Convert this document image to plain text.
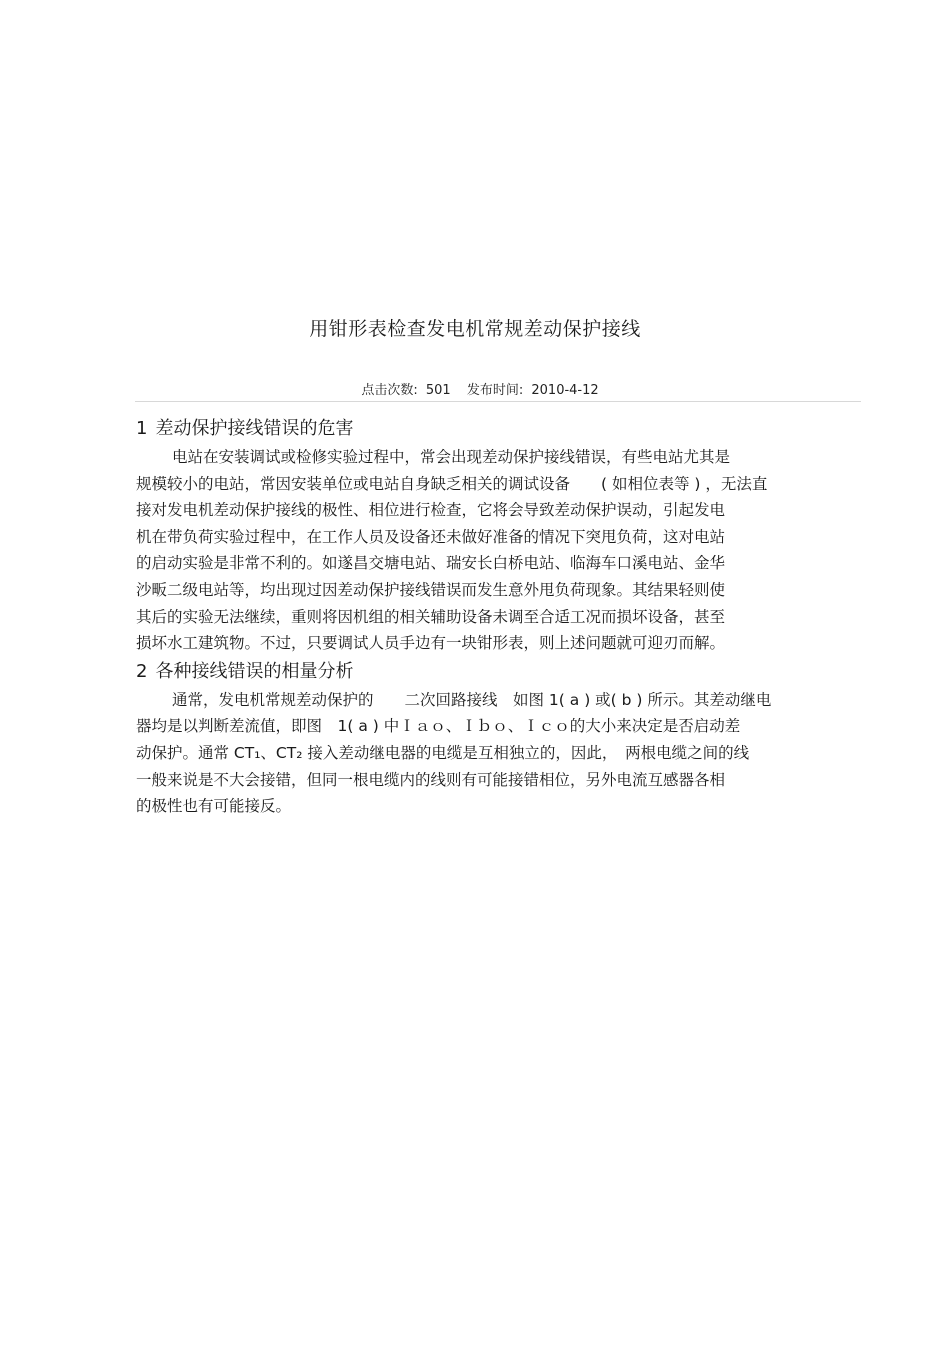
用钳形表检查发电机常规差动保护接线
点击次数: 501 发布时间: 2010-4-12
1 差动保护接线错误的危害

电站在安装调试或检修实验过程中，常会出现差动保护接线错误，有些电站尤其是

规模较小的电站，常因安装单位或电站自身缺乏相关的调试设备　　( 如相位表等 ) ，无法直

接对发电机差动保护接线的极性、相位进行检查，它将会导致差动保护误动，引起发电

机在带负荷实验过程中，在工作人员及设备还未做好准备的情况下突甩负荷，这对电站

的启动实验是非常不利的。如遂昌交塘电站、瑞安长白桥电站、临海车口溪电站、金华

沙畈二级电站等，均出现过因差动保护接线错误而发生意外甩负荷现象。其结果轻则使

其后的实验无法继续，重则将因机组的相关辅助设备未调至合适工况而损坏设备，甚至

损坏水工建筑物。不过，只要调试人员手边有一块钳形表，则上述问题就可迎刃而解。

2 各种接线错误的相量分析

通常，发电机常规差动保护的　　二次回路接线　如图 1( a ) 或( b ) 所示。其差动继电

器均是以判断差流值，即图　1( a ) 中Ｉａｏ、Ｉｂｏ、Ｉｃｏ的大小来决定是否启动差

动保护。通常 CT₁、CT₂ 接入差动继电器的电缆是互相独立的，因此，　两根电缆之间的线

一般来说是不大会接错，但同一根电缆内的线则有可能接错相位，另外电流互感器各相

的极性也有可能接反。
